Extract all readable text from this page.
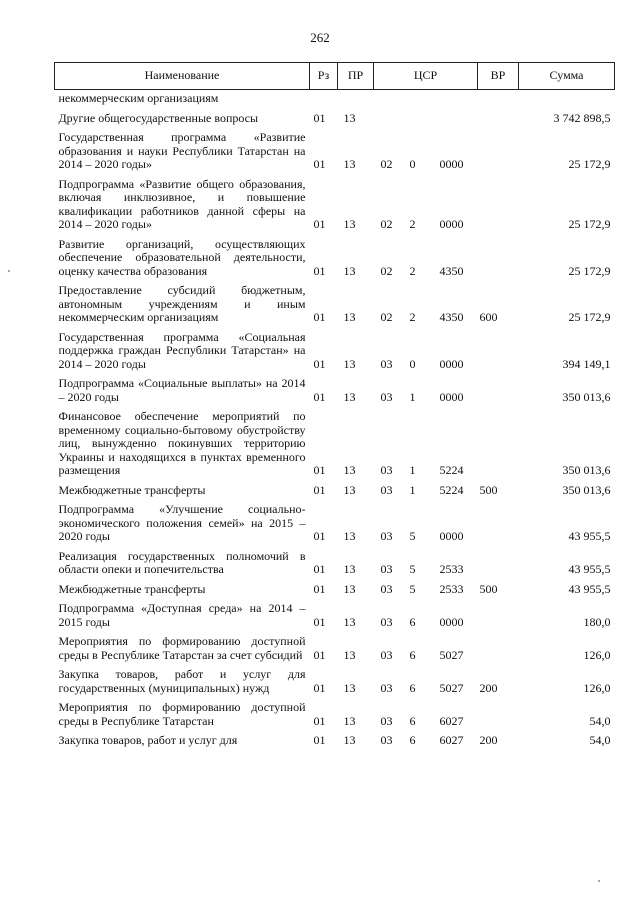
262
Наименование	Рз	ПР	ЦСР			ВР	Сумма
некоммерческим организациям							
Другие общегосударственные вопросы	01	13					3 742 898,5
Государственная программа «Развитие образования и науки Республики Татарстан на 2014 – 2020 годы»	01	13	02	0	0000		25 172,9
Подпрограмма «Развитие общего образования, включая инклюзивное, и повышение квалификации работников данной сферы на 2014 – 2020 годы»	01	13	02	2	0000		25 172,9
Развитие организаций, осуществляющих обеспечение образовательной деятельности, оценку качества образования	01	13	02	2	4350		25 172,9
Предоставление субсидий бюджетным, автономным учреждениям и иным некоммерческим организациям	01	13	02	2	4350	600	25 172,9
Государственная программа «Социальная поддержка граждан Республики Татарстан» на 2014 – 2020 годы	01	13	03	0	0000		394 149,1
Подпрограмма «Социальные выплаты» на 2014 – 2020 годы	01	13	03	1	0000		350 013,6
Финансовое обеспечение мероприятий по временному социально-бытовому обустройству лиц, вынужденно покинувших территорию Украины и находящихся в пунктах временного размещения	01	13	03	1	5224		350 013,6
Межбюджетные трансферты	01	13	03	1	5224	500	350 013,6
Подпрограмма «Улучшение социально-экономического положения семей» на 2015 – 2020 годы	01	13	03	5	0000		43 955,5
Реализация государственных полномочий в области опеки и попечительства	01	13	03	5	2533		43 955,5
Межбюджетные трансферты	01	13	03	5	2533	500	43 955,5
Подпрограмма «Доступная среда» на 2014 – 2015 годы	01	13	03	6	0000		180,0
Мероприятия по формированию доступной среды в Республике Татарстан за счет субсидий	01	13	03	6	5027		126,0
Закупка товаров, работ и услуг для государственных (муниципальных) нужд	01	13	03	6	5027	200	126,0
Мероприятия по формированию доступной среды в Республике Татарстан	01	13	03	6	6027		54,0
Закупка товаров, работ и услуг для	01	13	03	6	6027	200	54,0
